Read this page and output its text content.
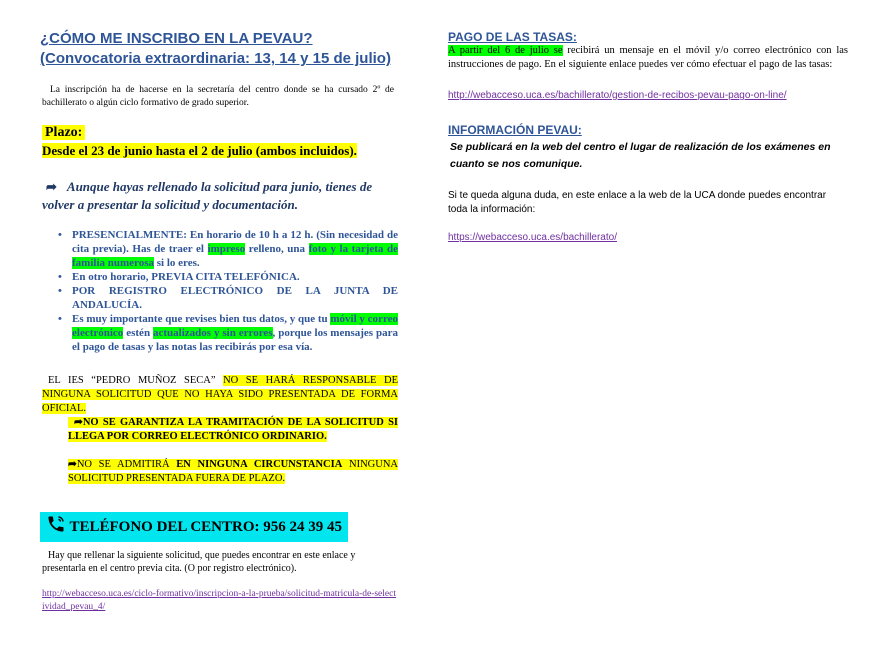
¿CÓMO ME INSCRIBO EN LA PEVAU?
(Convocatoria extraordinaria: 13, 14 y 15 de julio)
La inscripción ha de hacerse en la secretaría del centro donde se ha cursado 2º de bachillerato o algún ciclo formativo de grado superior.
Plazo:
Desde el 23 de junio hasta el 2 de julio (ambos incluidos).
➦ Aunque hayas rellenado la solicitud para junio, tienes de volver a presentar la solicitud y documentación.
• PRESENCIALMENTE: En horario de 10 h a 12 h. (Sin necesidad de cita previa). Has de traer el impreso relleno, una foto y la tarjeta de familia numerosa si lo eres.
• En otro horario, PREVIA CITA TELEFÓNICA.
• POR REGISTRO ELECTRÓNICO DE LA JUNTA DE ANDALUCÍA.
• Es muy importante que revises bien tus datos, y que tu móvil y correo electrónico estén actualizados y sin errores, porque los mensajes para el pago de tasas y las notas las recibirás por esa vía.
EL IES “PEDRO MUÑOZ SECA” NO SE HARÁ RESPONSABLE DE NINGUNA SOLICITUD QUE NO HAYA SIDO PRESENTADA DE FORMA OFICIAL.
➦NO SE GARANTIZA LA TRAMITACIÓN DE LA SOLICITUD SI LLEGA POR CORREO ELECTRÓNICO ORDINARIO.
➦NO SE ADMITIRÁ EN NINGUNA CIRCUNSTANCIA NINGUNA SOLICITUD PRESENTADA FUERA DE PLAZO.
TELÉFONO DEL CENTRO: 956 24 39 45
Hay que rellenar la siguiente solicitud, que puedes encontrar en este enlace y presentarla en el centro previa cita. (O por registro electrónico).
http://webacceso.uca.es/ciclo-formativo/inscripcion-a-la-prueba/solicitud-matricula-de-selectividad_pevau_4/
PAGO DE LAS TASAS:
A partir del 6 de julio se recibirá un mensaje en el móvil y/o correo electrónico con las instrucciones de pago. En el siguiente enlace puedes ver cómo efectuar el pago de las tasas:
http://webacceso.uca.es/bachillerato/gestion-de-recibos-pevau-pago-on-line/
INFORMACIÓN PEVAU:
Se publicará en la web del centro el lugar de realización de los exámenes en cuanto se nos comunique.
Si te queda alguna duda, en este enlace a la web de la UCA donde puedes encontrar toda la información:
https://webacceso.uca.es/bachillerato/
